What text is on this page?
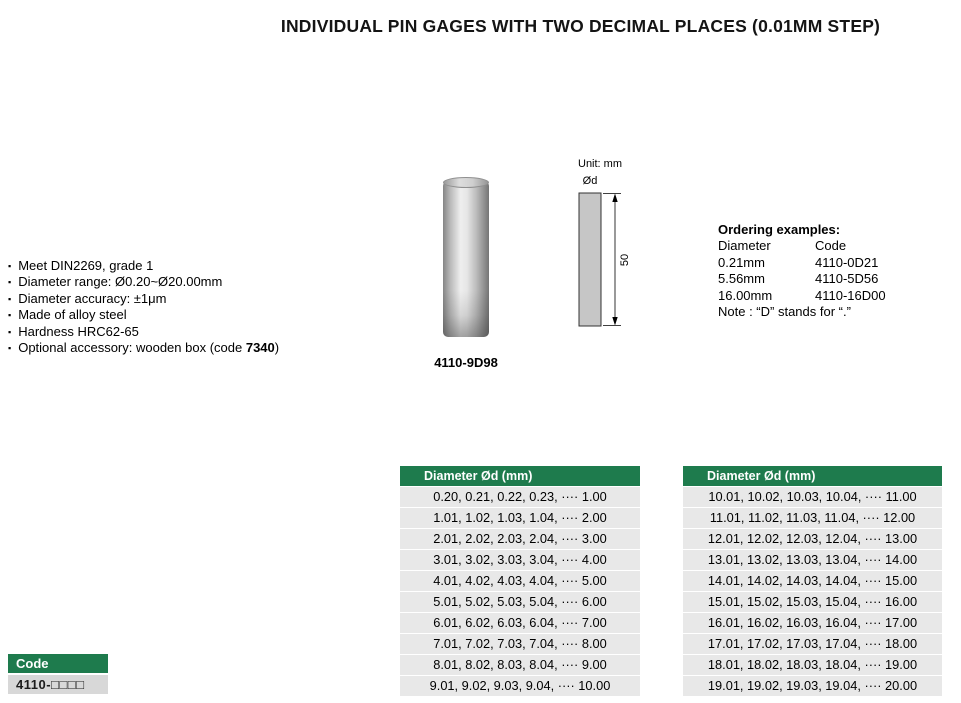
INDIVIDUAL PIN GAGES WITH TWO DECIMAL PLACES (0.01MM STEP)
▪ Meet DIN2269, grade 1
▪ Diameter range: Ø0.20~Ø20.00mm
▪ Diameter accuracy: ±1μm
▪ Made of alloy steel
▪ Hardness HRC62-65
▪ Optional accessory: wooden box (code 7340)
4110-9D98
Unit: mm
Ød
50
Ordering examples:
Diameter	Code
0.21mm	4110-0D21
5.56mm	4110-5D56
16.00mm	4110-16D00
Note : “D” stands for “.”
Diameter Ød (mm)
0.20, 0.21, 0.22, 0.23, ···· 1.00
1.01, 1.02, 1.03, 1.04, ···· 2.00
2.01, 2.02, 2.03, 2.04, ···· 3.00
3.01, 3.02, 3.03, 3.04, ···· 4.00
4.01, 4.02, 4.03, 4.04, ···· 5.00
5.01, 5.02, 5.03, 5.04, ···· 6.00
6.01, 6.02, 6.03, 6.04, ···· 7.00
7.01, 7.02, 7.03, 7.04, ···· 8.00
8.01, 8.02, 8.03, 8.04, ···· 9.00
9.01, 9.02, 9.03, 9.04, ···· 10.00
Diameter Ød (mm)
10.01, 10.02, 10.03, 10.04, ···· 11.00
11.01, 11.02, 11.03, 11.04, ···· 12.00
12.01, 12.02, 12.03, 12.04, ···· 13.00
13.01, 13.02, 13.03, 13.04, ···· 14.00
14.01, 14.02, 14.03, 14.04, ···· 15.00
15.01, 15.02, 15.03, 15.04, ···· 16.00
16.01, 16.02, 16.03, 16.04, ···· 17.00
17.01, 17.02, 17.03, 17.04, ···· 18.00
18.01, 18.02, 18.03, 18.04, ···· 19.00
19.01, 19.02, 19.03, 19.04, ···· 20.00
Code
4110-□□□□
